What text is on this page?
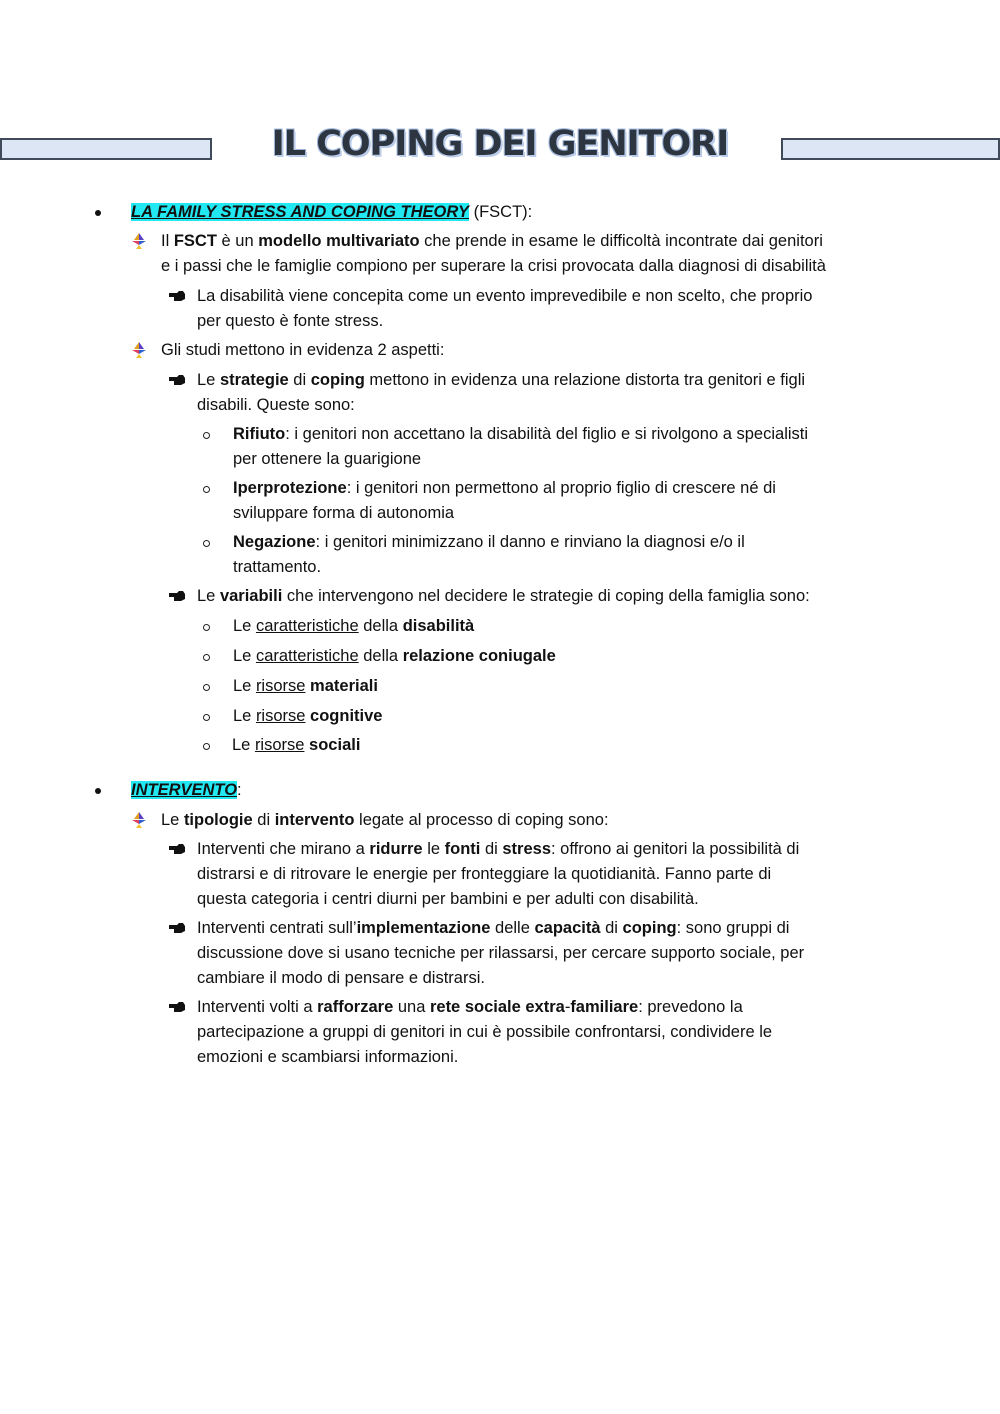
IL COPING DEI GENITORI
LA FAMILY STRESS AND COPING THEORY (FSCT):
Il FSCT è un modello multivariato che prende in esame le difficoltà incontrate dai genitori
e i passi che le famiglie compiono per superare la crisi provocata dalla diagnosi di disabilità
La disabilità viene concepita come un evento imprevedibile e non scelto, che proprio
per questo è fonte stress.
Gli studi mettono in evidenza 2 aspetti:
Le strategie di coping mettono in evidenza una relazione distorta tra genitori e figli
disabili. Queste sono:
Rifiuto: i genitori non accettano la disabilità del figlio e si rivolgono a specialisti
per ottenere la guarigione
Iperprotezione: i genitori non permettono al proprio figlio di crescere né di
sviluppare forma di autonomia
Negazione: i genitori minimizzano il danno e rinviano la diagnosi e/o il
trattamento.
Le variabili che intervengono nel decidere le strategie di coping della famiglia sono:
Le caratteristiche della disabilità
Le caratteristiche della relazione coniugale
Le risorse materiali
Le risorse cognitive
Le risorse sociali
INTERVENTO:
Le tipologie di intervento legate al processo di coping sono:
Interventi che mirano a ridurre le fonti di stress: offrono ai genitori la possibilità di
distrarsi e di ritrovare le energie per fronteggiare la quotidianità. Fanno parte di
questa categoria i centri diurni per bambini e per adulti con disabilità.
Interventi centrati sull’implementazione delle capacità di coping: sono gruppi di
discussione dove si usano tecniche per rilassarsi, per cercare supporto sociale, per
cambiare il modo di pensare e distrarsi.
Interventi volti a rafforzare una rete sociale extra-familiare: prevedono la
partecipazione a gruppi di genitori in cui è possibile confrontarsi, condividere le
emozioni e scambiarsi informazioni.
